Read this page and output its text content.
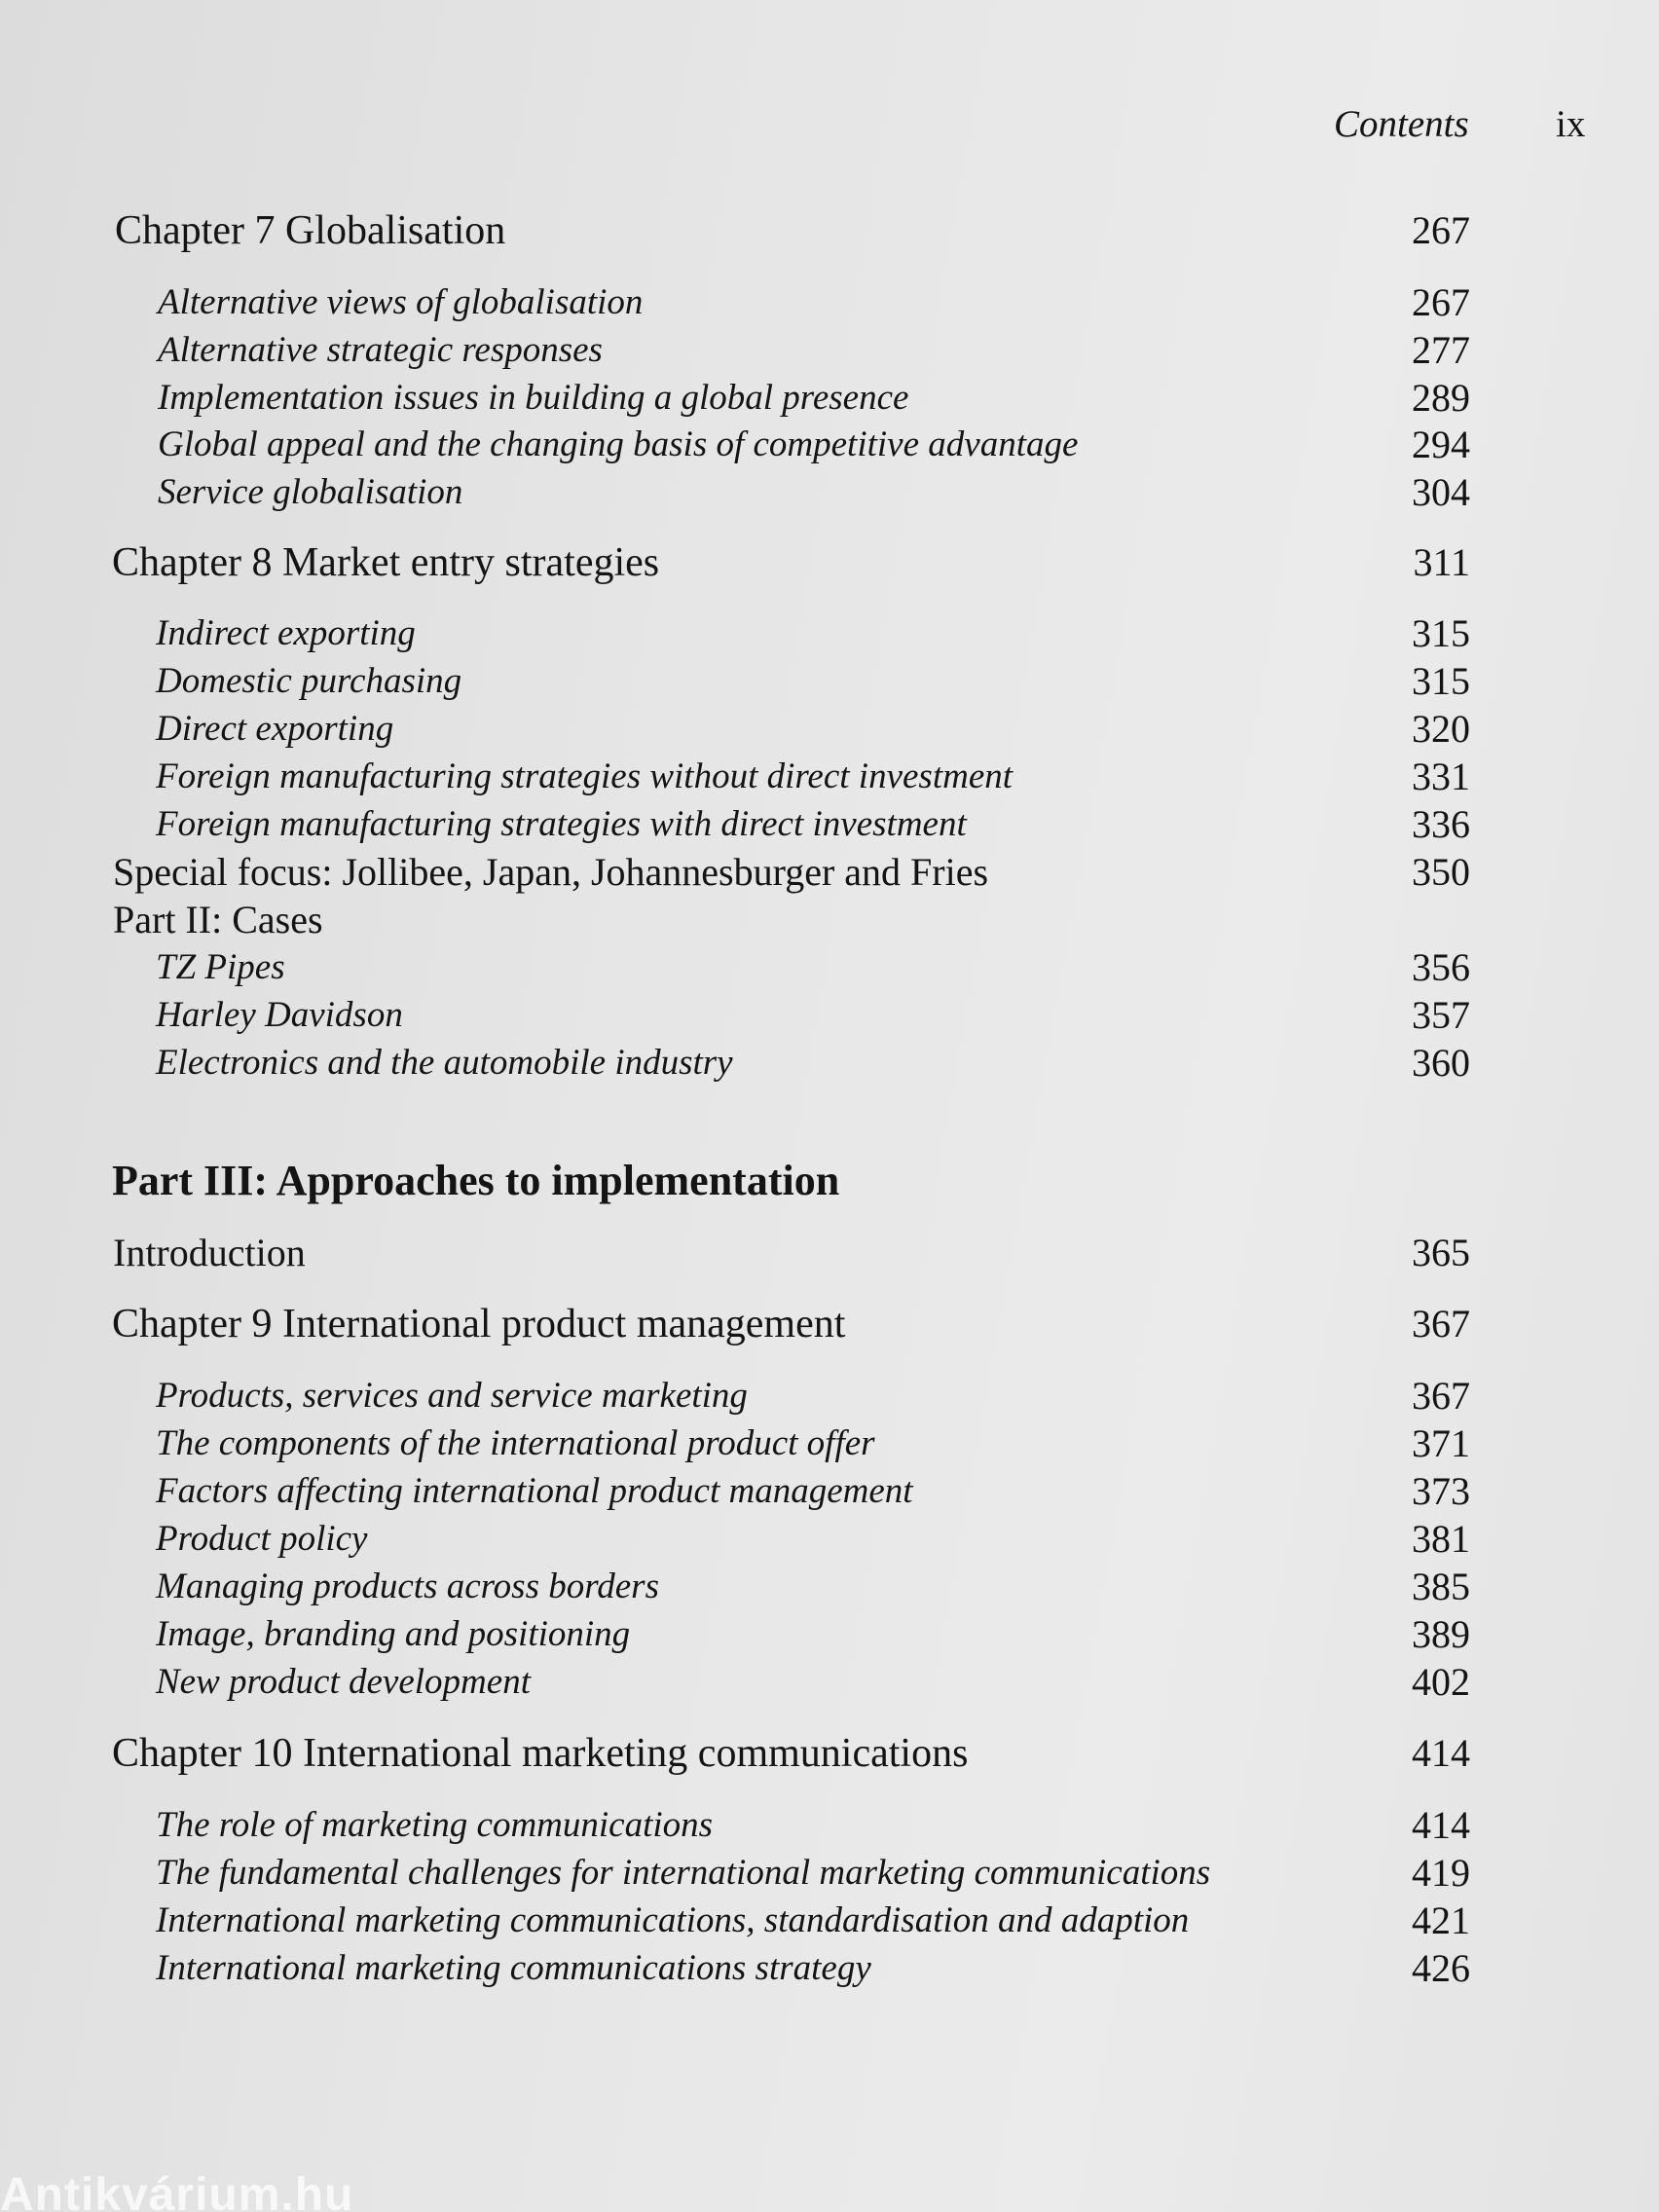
Contents ix
Chapter 7 Globalisation	267
Alternative views of globalisation	267
Alternative strategic responses	277
Implementation issues in building a global presence	289
Global appeal and the changing basis of competitive advantage	294
Service globalisation	304
Chapter 8 Market entry strategies	311
Indirect exporting	315
Domestic purchasing	315
Direct exporting	320
Foreign manufacturing strategies without direct investment	331
Foreign manufacturing strategies with direct investment	336
Special focus: Jollibee, Japan, Johannesburger and Fries	350
Part II: Cases
TZ Pipes	356
Harley Davidson	357
Electronics and the automobile industry	360
Part III: Approaches to implementation
Introduction	365
Chapter 9 International product management	367
Products, services and service marketing	367
The components of the international product offer	371
Factors affecting international product management	373
Product policy	381
Managing products across borders	385
Image, branding and positioning	389
New product development	402
Chapter 10 International marketing communications	414
The role of marketing communications	414
The fundamental challenges for international marketing communications	419
International marketing communications, standardisation and adaption	421
International marketing communications strategy	426
Antikvárium.hu
